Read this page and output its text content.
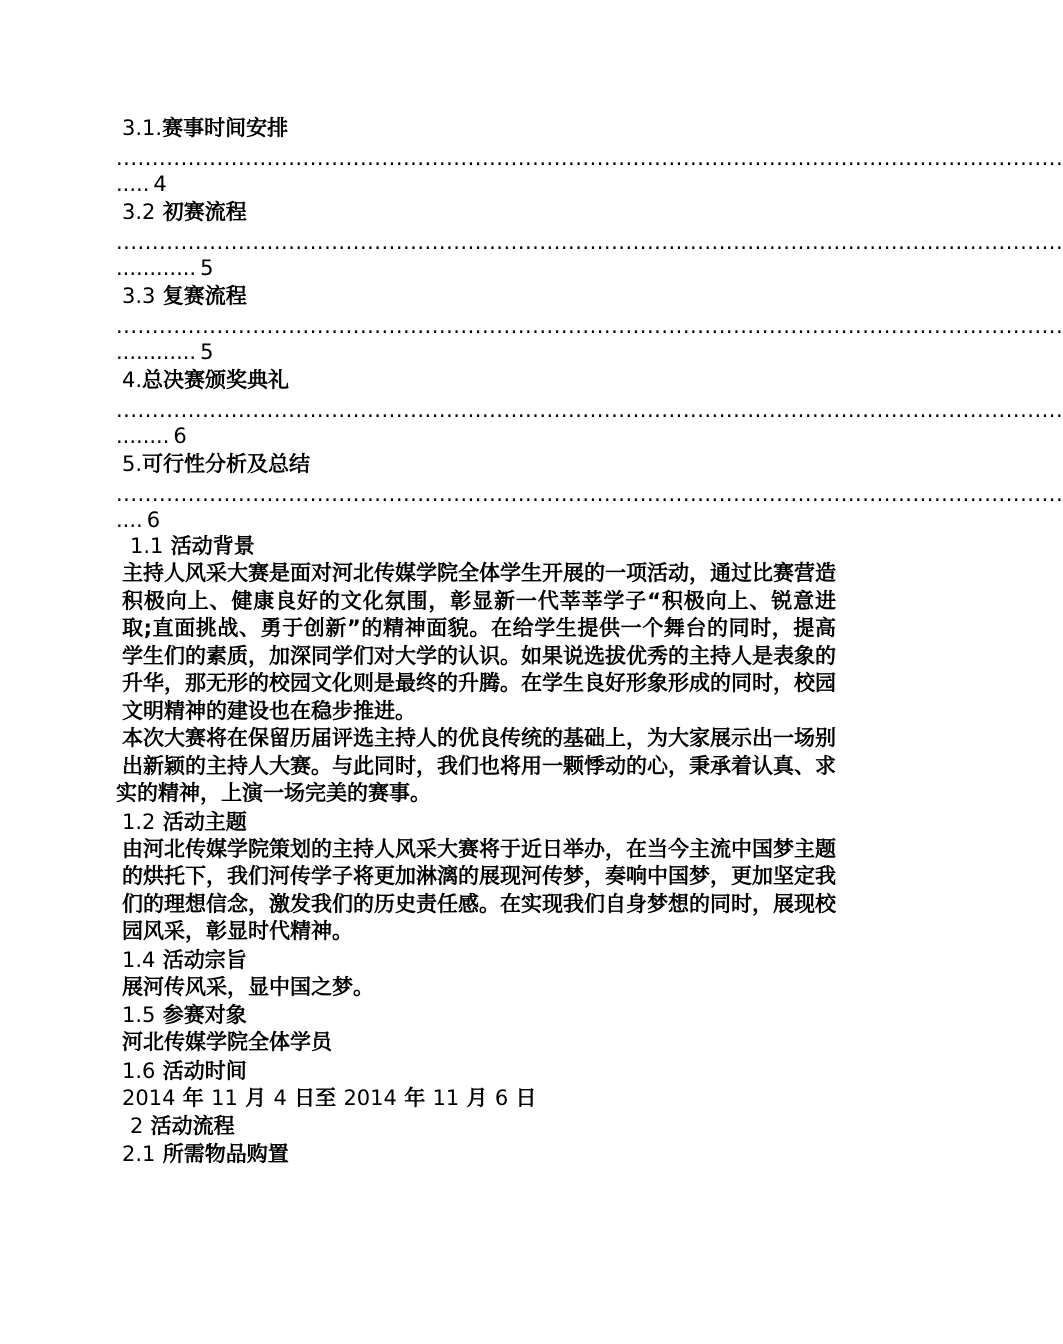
3.1.赛事时间安排
....................................................................................................................................
..... 4
3.2 初赛流程
....................................................................................................................................
............ 5
3.3 复赛流程
....................................................................................................................................
............ 5
4.总决赛颁奖典礼
....................................................................................................................................
........ 6
5.可行性分析及总结
....................................................................................................................................
.... 6
1.1 活动背景
主持人风采大赛是面对河北传媒学院全体学生开展的一项活动，通过比赛营造积极向上、健康良好的文化氛围，彰显新一代莘莘学子“积极向上、锐意进取;直面挑战、勇于创新”的精神面貌。在给学生提供一个舞台的同时，提高学生们的素质，加深同学们对大学的认识。如果说选拔优秀的主持人是表象的升华，那无形的校园文化则是最终的升腾。在学生良好形象形成的同时，校园文明精神的建设也在稳步推进。
本次大赛将在保留历届评选主持人的优良传统的基础上，为大家展示出一场别出新颖的主持人大赛。与此同时，我们也将用一颗悸动的心，秉承着认真、求
实的精神，上演一场完美的赛事。
1.2 活动主题
由河北传媒学院策划的主持人风采大赛将于近日举办，在当今主流中国梦主题的烘托下，我们河传学子将更加淋漓的展现河传梦，奏响中国梦，更加坚定我们的理想信念，激发我们的历史责任感。在实现我们自身梦想的同时，展现校园风采，彰显时代精神。
1.4 活动宗旨
展河传风采，显中国之梦。
1.5 参赛对象
河北传媒学院全体学员
1.6 活动时间
2014 年 11 月 4 日至 2014 年 11 月 6 日
2 活动流程
2.1 所需物品购置
